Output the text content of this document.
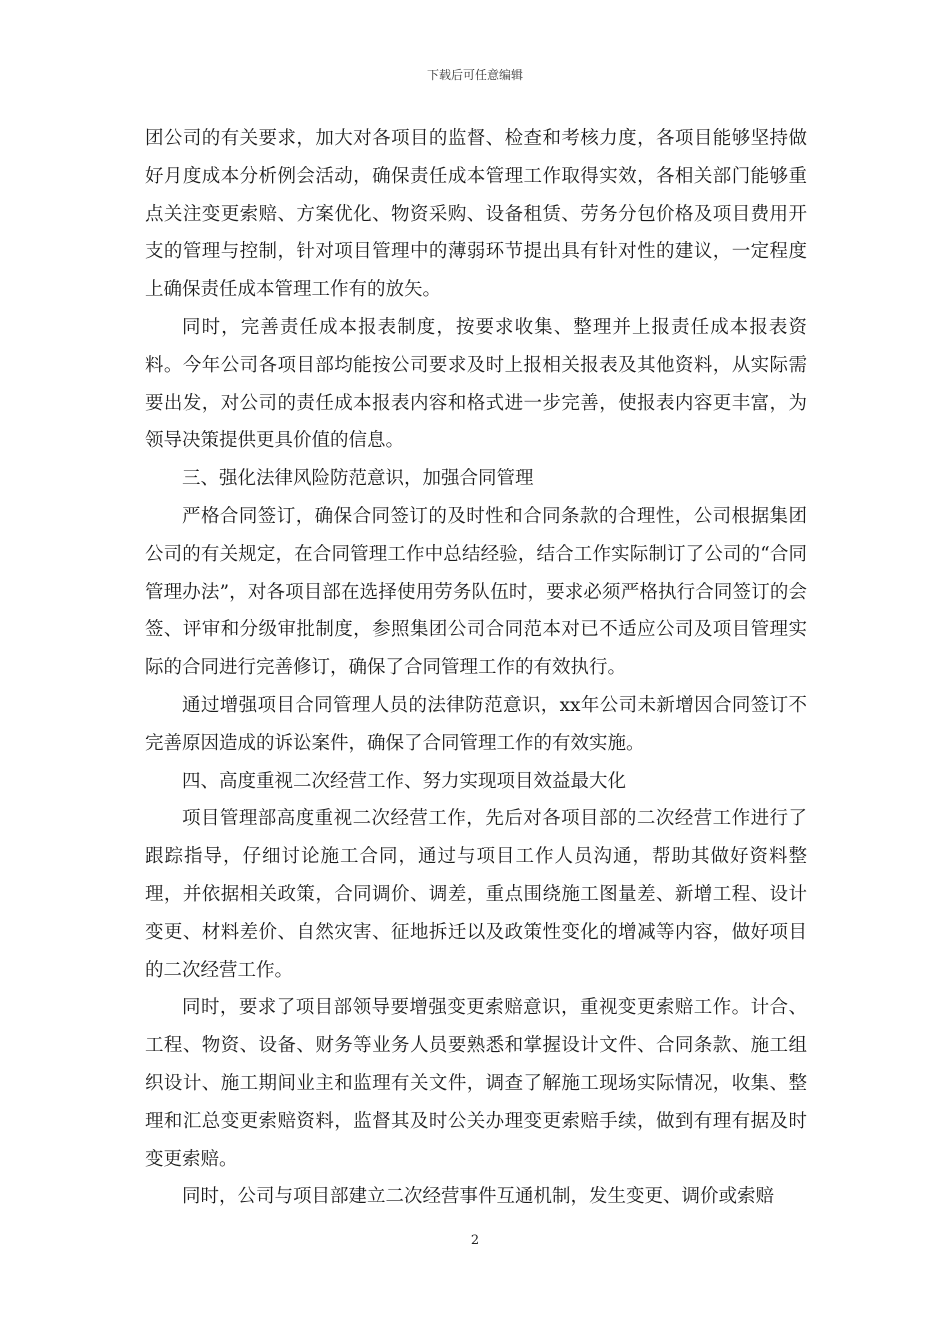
下载后可任意编辑

团公司的有关要求，加大对各项目的监督、检查和考核力度，各项目能够坚持做好月度成本分析例会活动，确保责任成本管理工作取得实效，各相关部门能够重点关注变更索赔、方案优化、物资采购、设备租赁、劳务分包价格及项目费用开支的管理与控制，针对项目管理中的薄弱环节提出具有针对性的建议，一定程度上确保责任成本管理工作有的放矢。

同时，完善责任成本报表制度，按要求收集、整理并上报责任成本报表资料。今年公司各项目部均能按公司要求及时上报相关报表及其他资料，从实际需要出发，对公司的责任成本报表内容和格式进一步完善，使报表内容更丰富，为领导决策提供更具价值的信息。

三、强化法律风险防范意识，加强合同管理

严格合同签订，确保合同签订的及时性和合同条款的合理性，公司根据集团公司的有关规定，在合同管理工作中总结经验，结合工作实际制订了公司的“合同管理办法”，对各项目部在选择使用劳务队伍时，要求必须严格执行合同签订的会签、评审和分级审批制度，参照集团公司合同范本对已不适应公司及项目管理实际的合同进行完善修订，确保了合同管理工作的有效执行。

通过增强项目合同管理人员的法律防范意识，xx年公司未新增因合同签订不完善原因造成的诉讼案件，确保了合同管理工作的有效实施。

四、高度重视二次经营工作、努力实现项目效益最大化

项目管理部高度重视二次经营工作，先后对各项目部的二次经营工作进行了跟踪指导，仔细讨论施工合同，通过与项目工作人员沟通，帮助其做好资料整理，并依据相关政策，合同调价、调差，重点围绕施工图量差、新增工程、设计变更、材料差价、自然灾害、征地拆迁以及政策性变化的增减等内容，做好项目的二次经营工作。

同时，要求了项目部领导要增强变更索赔意识，重视变更索赔工作。计合、工程、物资、设备、财务等业务人员要熟悉和掌握设计文件、合同条款、施工组织设计、施工期间业主和监理有关文件，调查了解施工现场实际情况，收集、整理和汇总变更索赔资料，监督其及时公关办理变更索赔手续，做到有理有据及时变更索赔。

同时，公司与项目部建立二次经营事件互通机制，发生变更、调价或索赔

2
